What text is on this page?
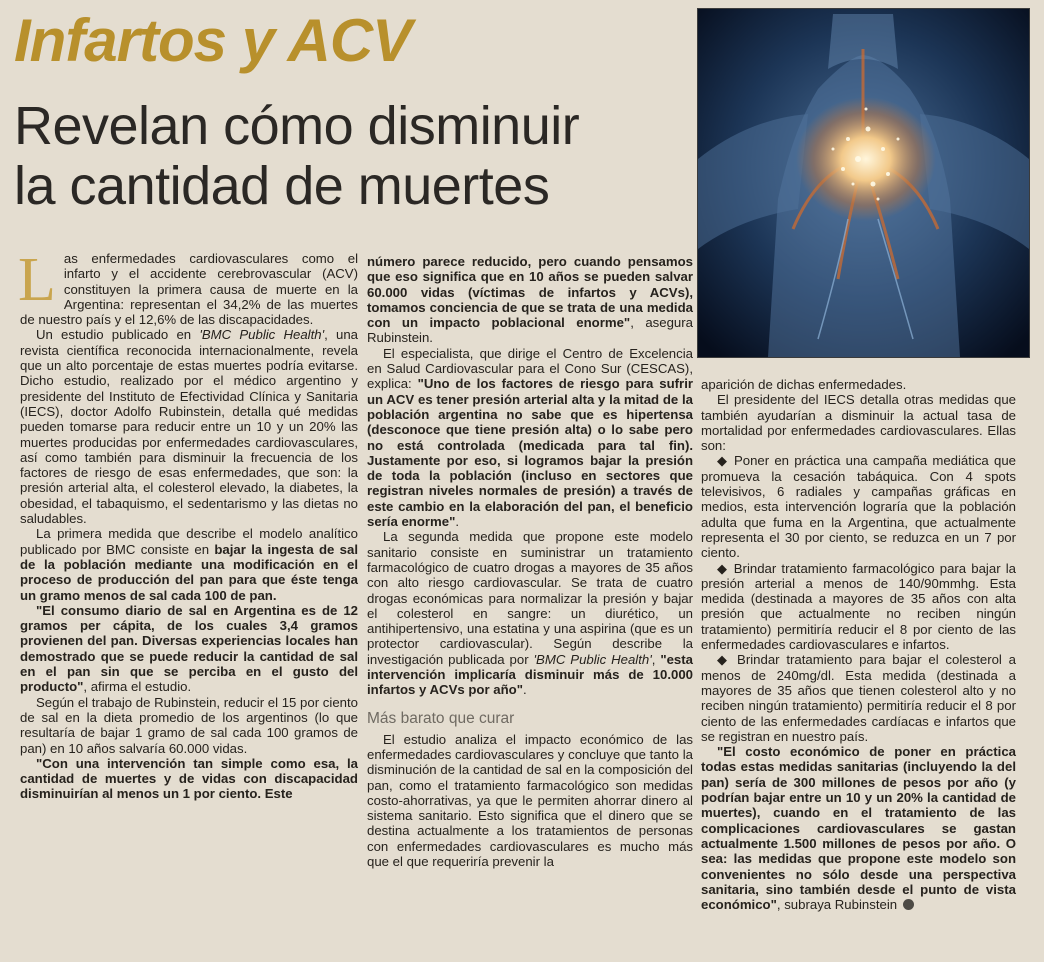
Infartos y ACV
Revelan cómo disminuir
la cantidad de muertes

Las enfermedades cardiovasculares como el infarto y el accidente cerebrovascular (ACV) constituyen la primera causa de muerte en la Argentina: representan el 34,2% de las muertes de nuestro país y el 12,6% de las discapacidades.

Un estudio publicado en 'BMC Public Health', una revista científica reconocida internacionalmente, revela que un alto porcentaje de estas muertes podría evitarse. Dicho estudio, realizado por el médico argentino y presidente del Instituto de Efectividad Clínica y Sanitaria (IECS), doctor Adolfo Rubinstein, detalla qué medidas pueden tomarse para reducir entre un 10 y un 20% las muertes producidas por enfermedades cardiovasculares, así como también para disminuir la frecuencia de los factores de riesgo de esas enfermedades, que son: la presión arterial alta, el colesterol elevado, la diabetes, la obesidad, el tabaquismo, el sedentarismo y las dietas no saludables.

La primera medida que describe el modelo analítico publicado por BMC consiste en bajar la ingesta de sal de la población mediante una modificación en el proceso de producción del pan para que éste tenga un gramo menos de sal cada 100 de pan.

"El consumo diario de sal en Argentina es de 12 gramos per cápita, de los cuales 3,4 gramos provienen del pan. Diversas experiencias locales han demostrado que se puede reducir la cantidad de sal en el pan sin que se perciba en el gusto del producto", afirma el estudio.

Según el trabajo de Rubinstein, reducir el 15 por ciento de sal en la dieta promedio de los argentinos (lo que resultaría de bajar 1 gramo de sal cada 100 gramos de pan) en 10 años salvaría 60.000 vidas.

"Con una intervención tan simple como esa, la cantidad de muertes y de vidas con discapacidad disminuirían al menos un 1 por ciento. Este

número parece reducido, pero cuando pensamos que eso significa que en 10 años se pueden salvar 60.000 vidas (víctimas de infartos y ACVs), tomamos conciencia de que se trata de una medida con un impacto poblacional enorme", asegura Rubinstein.

El especialista, que dirige el Centro de Excelencia en Salud Cardiovascular para el Cono Sur (CESCAS), explica: "Uno de los factores de riesgo para sufrir un ACV es tener presión arterial alta y la mitad de la población argentina no sabe que es hipertensa (desconoce que tiene presión alta) o lo sabe pero no está controlada (medicada para tal fin). Justamente por eso, si logramos bajar la presión de toda la población (incluso en sectores que registran niveles normales de presión) a través de este cambio en la elaboración del pan, el beneficio sería enorme".

La segunda medida que propone este modelo sanitario consiste en suministrar un tratamiento farmacológico de cuatro drogas a mayores de 35 años con alto riesgo cardiovascular. Se trata de cuatro drogas económicas para normalizar la presión y bajar el colesterol en sangre: un diurético, un antihipertensivo, una estatina y una aspirina (que es un protector cardiovascular). Según describe la investigación publicada por 'BMC Public Health', "esta intervención implicaría disminuir más de 10.000 infartos y ACVs por año".

Más barato que curar

El estudio analiza el impacto económico de las enfermedades cardiovasculares y concluye que tanto la disminución de la cantidad de sal en la composición del pan, como el tratamiento farmacológico son medidas costo-ahorrativas, ya que le permiten ahorrar dinero al sistema sanitario. Esto significa que el dinero que se destina actualmente a los tratamientos de personas con enfermedades cardiovasculares es mucho más que el que requeriría prevenir la

aparición de dichas enfermedades.

El presidente del IECS detalla otras medidas que también ayudarían a disminuir la actual tasa de mortalidad por enfermedades cardiovasculares. Ellas son:

◆ Poner en práctica una campaña mediática que promueva la cesación tabáquica. Con 4 spots televisivos, 6 radiales y campañas gráficas en medios, esta intervención lograría que la población adulta que fuma en la Argentina, que actualmente representa el 30 por ciento, se reduzca en un 7 por ciento.

◆ Brindar tratamiento farmacológico para bajar la presión arterial a menos de 140/90mmhg. Esta medida (destinada a mayores de 35 años con alta presión que actualmente no reciben ningún tratamiento) permitiría reducir el 8 por ciento de las enfermedades cardiovasculares e infartos.

◆ Brindar tratamiento para bajar el colesterol a menos de 240mg/dl. Esta medida (destinada a mayores de 35 años que tienen colesterol alto y no reciben ningún tratamiento) permitiría reducir el 8 por ciento de las enfermedades cardíacas e infartos que se registran en nuestro país.

"El costo económico de poner en práctica todas estas medidas sanitarias (incluyendo la del pan) sería de 300 millones de pesos por año (y podrían bajar entre un 10 y un 20% la cantidad de muertes), cuando en el tratamiento de las complicaciones cardiovasculares se gastan actualmente 1.500 millones de pesos por año. O sea: las medidas que propone este modelo son convenientes no sólo desde una perspectiva sanitaria, sino también desde el punto de vista económico", subraya Rubinstein
